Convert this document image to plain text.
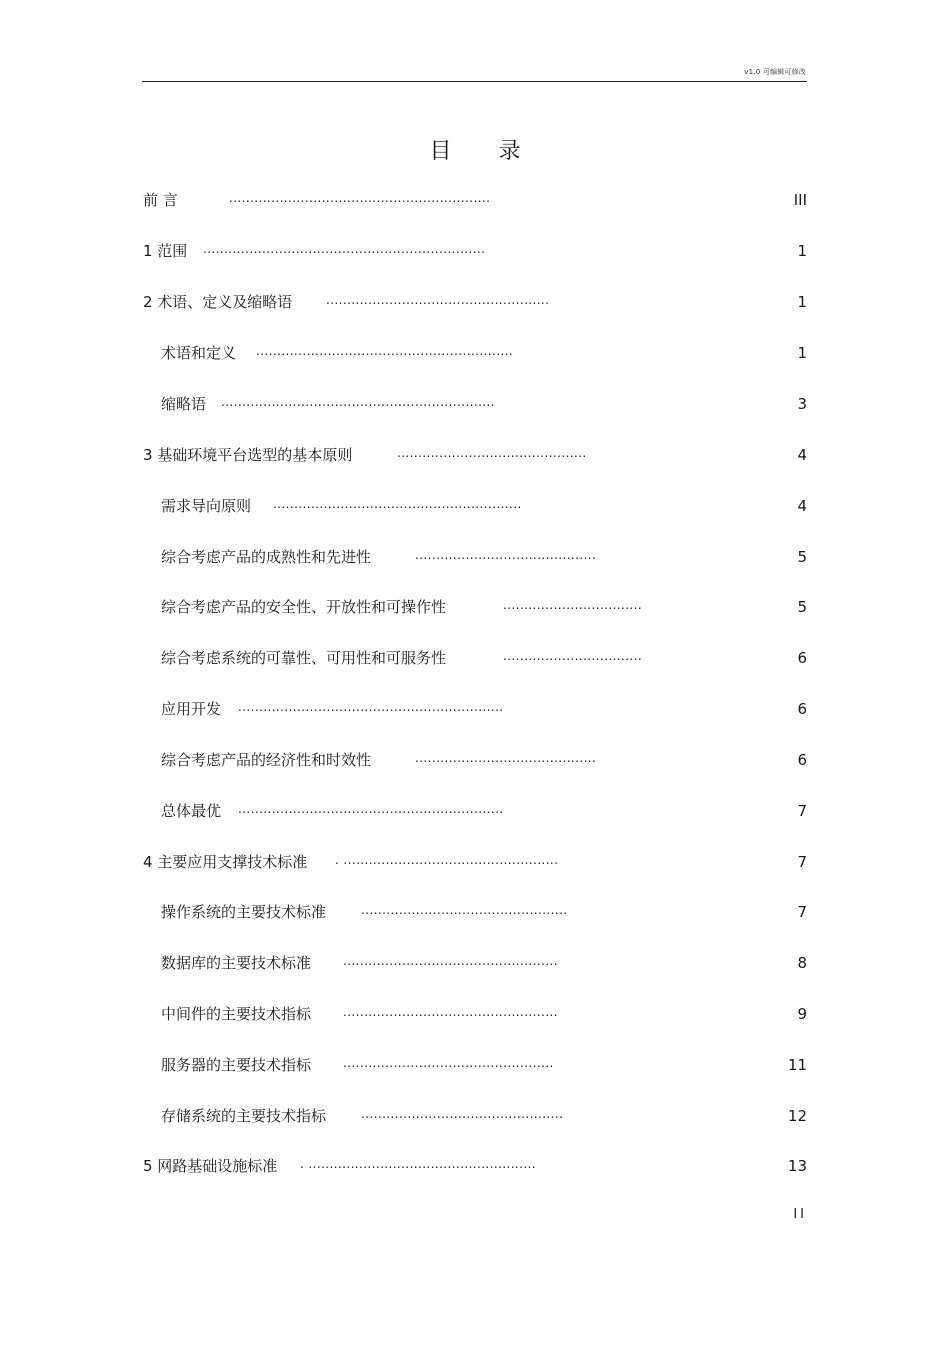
v1.0 可编辑可修改
目 录
前 言	..............................................................	III
1 范围 ...................................................................	1
2 术语、定义及缩略语	.....................................................	1
术语和定义 .............................................................	1
缩略语 .................................................................	3
3 基础环境平台选型的基本原则	.............................................	4
需求导向原则 ...........................................................	4
综合考虑产品的成熟性和先进性	...........................................	5
综合考虑产品的安全性、开放性和可操作性	.................................	5
综合考虑系统的可靠性、可用性和可服务性	.................................	6
应用开发 ...............................................................	6
综合考虑产品的经济性和时效性	...........................................	6
总体最优 ...............................................................	7
4 主要应用支撑技术标准 . ...................................................	7
操作系统的主要技术标准	.................................................	7
数据库的主要技术标准	...................................................	8
中间件的主要技术指标	...................................................	9
服务器的主要技术指标	..................................................	11
存储系统的主要技术指标	................................................	12
5 网路基础设施标准 . ......................................................	13
II
